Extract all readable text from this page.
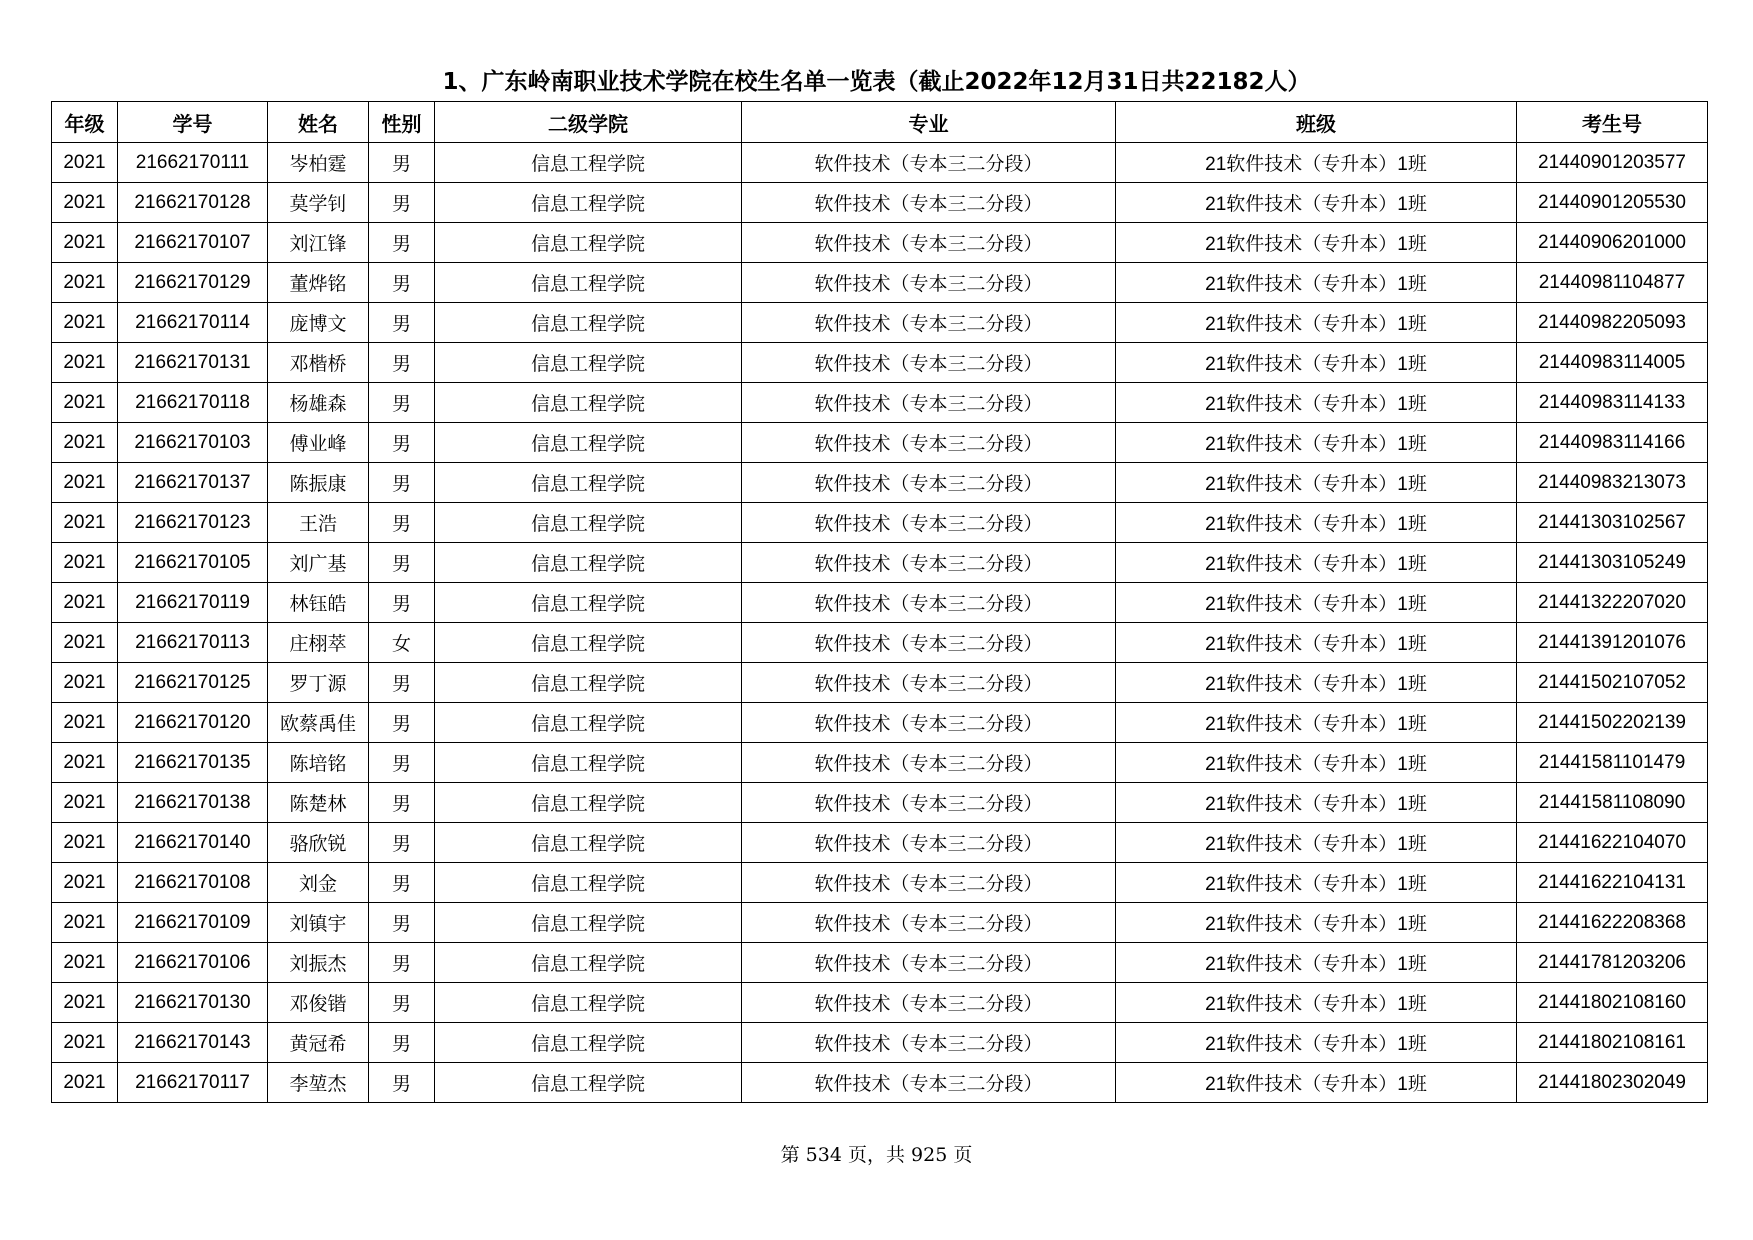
1、广东岭南职业技术学院在校生名单一览表（截止2022年12月31日共22182人）
年级	学号	姓名	性别	二级学院	专业	班级	考生号
2021	21662170111	岑柏霆	男	信息工程学院	软件技术（专本三二分段）	21软件技术（专升本）1班	21440901203577
2021	21662170128	莫学钊	男	信息工程学院	软件技术（专本三二分段）	21软件技术（专升本）1班	21440901205530
2021	21662170107	刘江锋	男	信息工程学院	软件技术（专本三二分段）	21软件技术（专升本）1班	21440906201000
2021	21662170129	董烨铭	男	信息工程学院	软件技术（专本三二分段）	21软件技术（专升本）1班	21440981104877
2021	21662170114	庞博文	男	信息工程学院	软件技术（专本三二分段）	21软件技术（专升本）1班	21440982205093
2021	21662170131	邓楷桥	男	信息工程学院	软件技术（专本三二分段）	21软件技术（专升本）1班	21440983114005
2021	21662170118	杨雄森	男	信息工程学院	软件技术（专本三二分段）	21软件技术（专升本）1班	21440983114133
2021	21662170103	傅业峰	男	信息工程学院	软件技术（专本三二分段）	21软件技术（专升本）1班	21440983114166
2021	21662170137	陈振康	男	信息工程学院	软件技术（专本三二分段）	21软件技术（专升本）1班	21440983213073
2021	21662170123	王浩	男	信息工程学院	软件技术（专本三二分段）	21软件技术（专升本）1班	21441303102567
2021	21662170105	刘广基	男	信息工程学院	软件技术（专本三二分段）	21软件技术（专升本）1班	21441303105249
2021	21662170119	林钰皓	男	信息工程学院	软件技术（专本三二分段）	21软件技术（专升本）1班	21441322207020
2021	21662170113	庄栩萃	女	信息工程学院	软件技术（专本三二分段）	21软件技术（专升本）1班	21441391201076
2021	21662170125	罗丁源	男	信息工程学院	软件技术（专本三二分段）	21软件技术（专升本）1班	21441502107052
2021	21662170120	欧蔡禹佳	男	信息工程学院	软件技术（专本三二分段）	21软件技术（专升本）1班	21441502202139
2021	21662170135	陈培铭	男	信息工程学院	软件技术（专本三二分段）	21软件技术（专升本）1班	21441581101479
2021	21662170138	陈楚林	男	信息工程学院	软件技术（专本三二分段）	21软件技术（专升本）1班	21441581108090
2021	21662170140	骆欣锐	男	信息工程学院	软件技术（专本三二分段）	21软件技术（专升本）1班	21441622104070
2021	21662170108	刘金	男	信息工程学院	软件技术（专本三二分段）	21软件技术（专升本）1班	21441622104131
2021	21662170109	刘镇宇	男	信息工程学院	软件技术（专本三二分段）	21软件技术（专升本）1班	21441622208368
2021	21662170106	刘振杰	男	信息工程学院	软件技术（专本三二分段）	21软件技术（专升本）1班	21441781203206
2021	21662170130	邓俊锴	男	信息工程学院	软件技术（专本三二分段）	21软件技术（专升本）1班	21441802108160
2021	21662170143	黄冠希	男	信息工程学院	软件技术（专本三二分段）	21软件技术（专升本）1班	21441802108161
2021	21662170117	李堃杰	男	信息工程学院	软件技术（专本三二分段）	21软件技术（专升本）1班	21441802302049
第 534 页，共 925 页
